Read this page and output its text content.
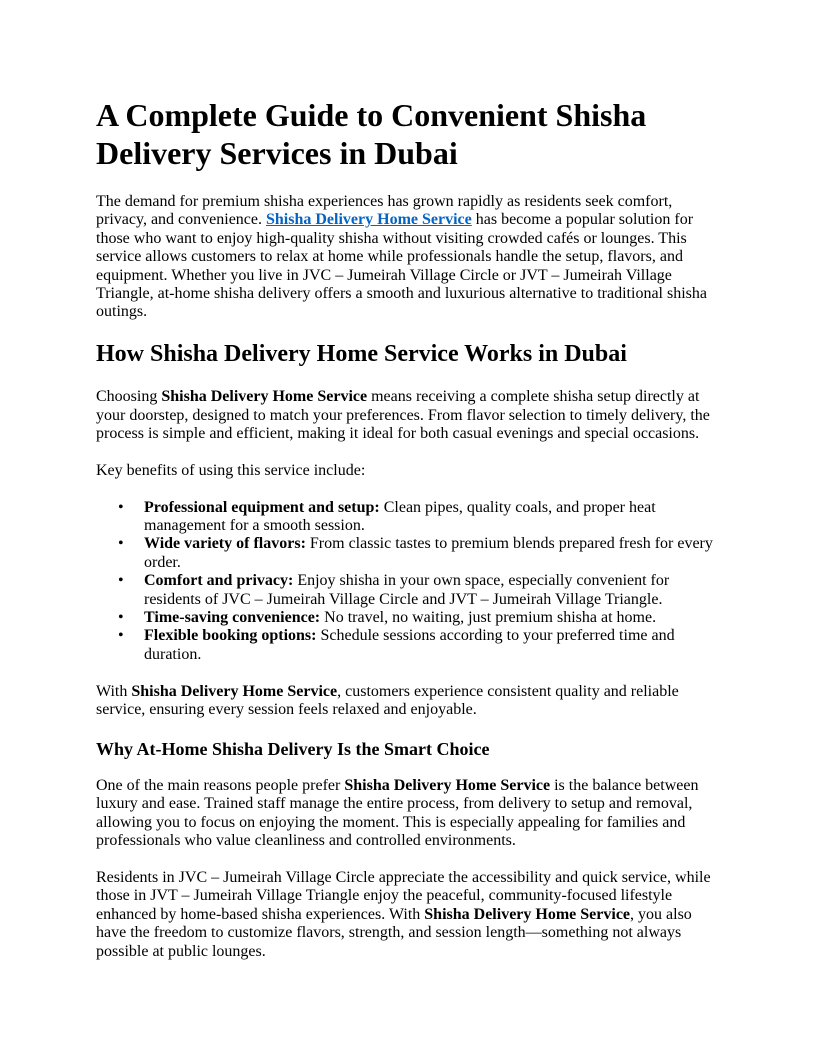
A Complete Guide to Convenient Shisha Delivery Services in Dubai

The demand for premium shisha experiences has grown rapidly as residents seek comfort, privacy, and convenience. Shisha Delivery Home Service has become a popular solution for those who want to enjoy high-quality shisha without visiting crowded cafés or lounges. This service allows customers to relax at home while professionals handle the setup, flavors, and equipment. Whether you live in JVC – Jumeirah Village Circle or JVT – Jumeirah Village Triangle, at-home shisha delivery offers a smooth and luxurious alternative to traditional shisha outings.

How Shisha Delivery Home Service Works in Dubai

Choosing Shisha Delivery Home Service means receiving a complete shisha setup directly at your doorstep, designed to match your preferences. From flavor selection to timely delivery, the process is simple and efficient, making it ideal for both casual evenings and special occasions.

Key benefits of using this service include:

• Professional equipment and setup: Clean pipes, quality coals, and proper heat management for a smooth session.
• Wide variety of flavors: From classic tastes to premium blends prepared fresh for every order.
• Comfort and privacy: Enjoy shisha in your own space, especially convenient for residents of JVC – Jumeirah Village Circle and JVT – Jumeirah Village Triangle.
• Time-saving convenience: No travel, no waiting, just premium shisha at home.
• Flexible booking options: Schedule sessions according to your preferred time and duration.

With Shisha Delivery Home Service, customers experience consistent quality and reliable service, ensuring every session feels relaxed and enjoyable.

Why At-Home Shisha Delivery Is the Smart Choice

One of the main reasons people prefer Shisha Delivery Home Service is the balance between luxury and ease. Trained staff manage the entire process, from delivery to setup and removal, allowing you to focus on enjoying the moment. This is especially appealing for families and professionals who value cleanliness and controlled environments.

Residents in JVC – Jumeirah Village Circle appreciate the accessibility and quick service, while those in JVT – Jumeirah Village Triangle enjoy the peaceful, community-focused lifestyle enhanced by home-based shisha experiences. With Shisha Delivery Home Service, you also have the freedom to customize flavors, strength, and session length—something not always possible at public lounges.
